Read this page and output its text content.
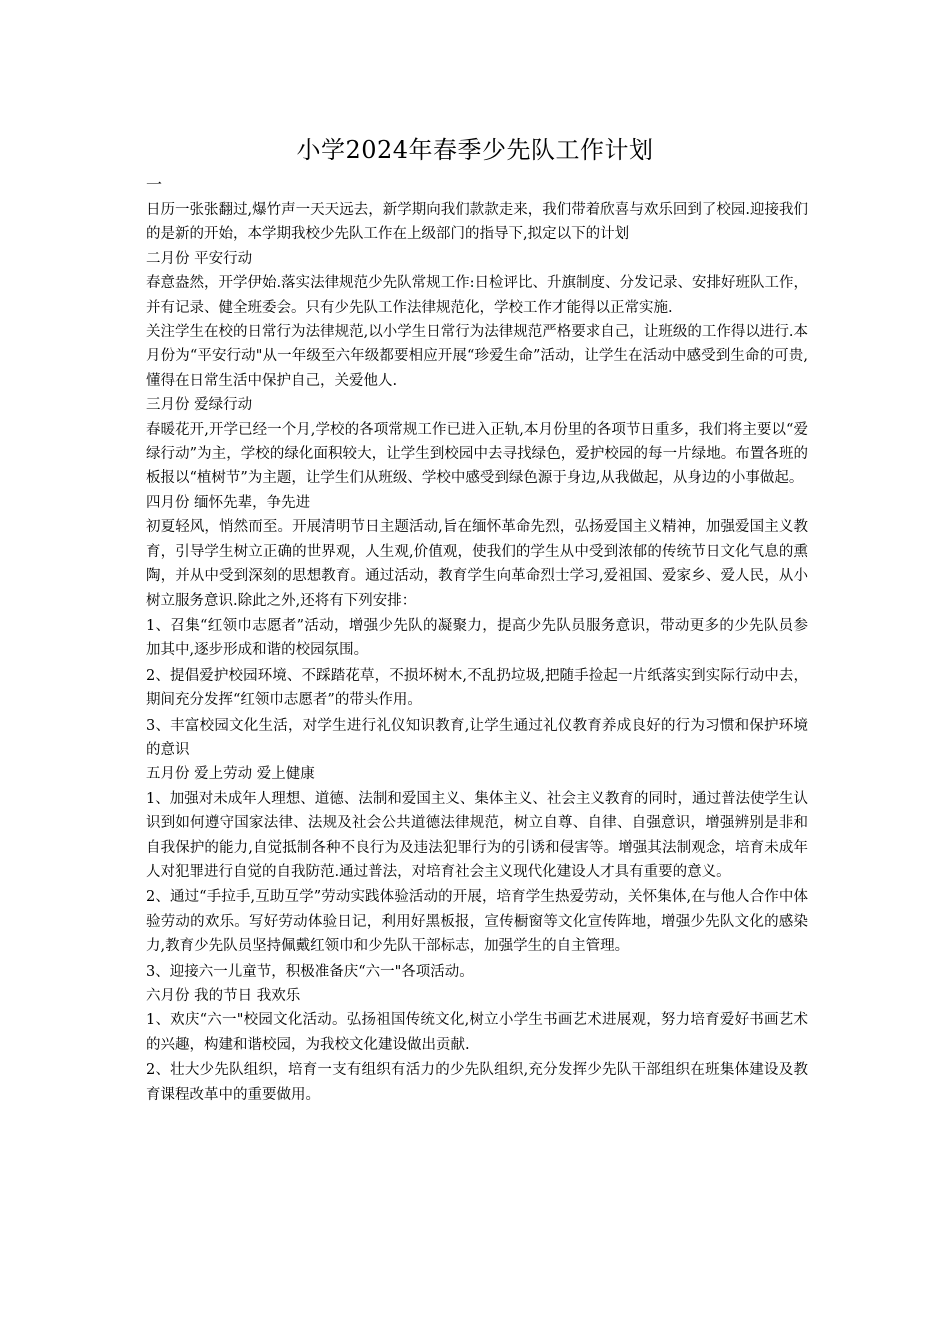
小学2024年春季少先队工作计划
一

日历一张张翻过,爆竹声一天天远去，新学期向我们款款走来，我们带着欣喜与欢乐回到了校园.迎接我们的是新的开始，本学期我校少先队工作在上级部门的指导下,拟定以下的计划

二月份 平安行动

春意盎然，开学伊始.落实法律规范少先队常规工作:日检评比、升旗制度、分发记录、安排好班队工作，并有记录、健全班委会。只有少先队工作法律规范化，学校工作才能得以正常实施.

关注学生在校的日常行为法律规范,以小学生日常行为法律规范严格要求自己，让班级的工作得以进行.本月份为“平安行动"从一年级至六年级都要相应开展“珍爱生命”活动，让学生在活动中感受到生命的可贵,懂得在日常生活中保护自己，关爱他人.

三月份 爱绿行动

春暖花开,开学已经一个月,学校的各项常规工作已进入正轨,本月份里的各项节日重多，我们将主要以“爱绿行动”为主，学校的绿化面积较大，让学生到校园中去寻找绿色，爱护校园的每一片绿地。布置各班的板报以“植树节”为主题，让学生们从班级、学校中感受到绿色源于身边,从我做起，从身边的小事做起。

四月份 缅怀先辈，争先进

初夏轻风，悄然而至。开展清明节日主题活动,旨在缅怀革命先烈，弘扬爱国主义精神，加强爱国主义教育，引导学生树立正确的世界观，人生观,价值观，使我们的学生从中受到浓郁的传统节日文化气息的熏陶，并从中受到深刻的思想教育。通过活动，教育学生向革命烈士学习,爱祖国、爱家乡、爱人民，从小树立服务意识.除此之外,还将有下列安排：

1、召集“红领巾志愿者”活动，增强少先队的凝聚力，提高少先队员服务意识，带动更多的少先队员参加其中,逐步形成和谐的校园氛围。

2、提倡爱护校园环境、不踩踏花草，不损坏树木,不乱扔垃圾,把随手捡起一片纸落实到实际行动中去，期间充分发挥“红领巾志愿者”的带头作用。

3、丰富校园文化生活，对学生进行礼仪知识教育,让学生通过礼仪教育养成良好的行为习惯和保护环境的意识

五月份 爱上劳动 爱上健康

1、加强对未成年人理想、道德、法制和爱国主义、集体主义、社会主义教育的同时，通过普法使学生认识到如何遵守国家法律、法规及社会公共道德法律规范，树立自尊、自律、自强意识，增强辨别是非和自我保护的能力,自觉抵制各种不良行为及违法犯罪行为的引诱和侵害等。增强其法制观念，培育未成年人对犯罪进行自觉的自我防范.通过普法，对培育社会主义现代化建设人才具有重要的意义。

2、通过“手拉手,互助互学”劳动实践体验活动的开展，培育学生热爱劳动，关怀集体,在与他人合作中体验劳动的欢乐。写好劳动体验日记，利用好黑板报，宣传橱窗等文化宣传阵地，增强少先队文化的感染力,教育少先队员坚持佩戴红领巾和少先队干部标志，加强学生的自主管理。

3、迎接六一儿童节，积极准备庆“六一"各项活动。

六月份 我的节日 我欢乐

1、欢庆“六一"校园文化活动。弘扬祖国传统文化,树立小学生书画艺术进展观，努力培育爱好书画艺术的兴趣，构建和谐校园，为我校文化建设做出贡献.

2、壮大少先队组织，培育一支有组织有活力的少先队组织,充分发挥少先队干部组织在班集体建设及教育课程改革中的重要做用。
